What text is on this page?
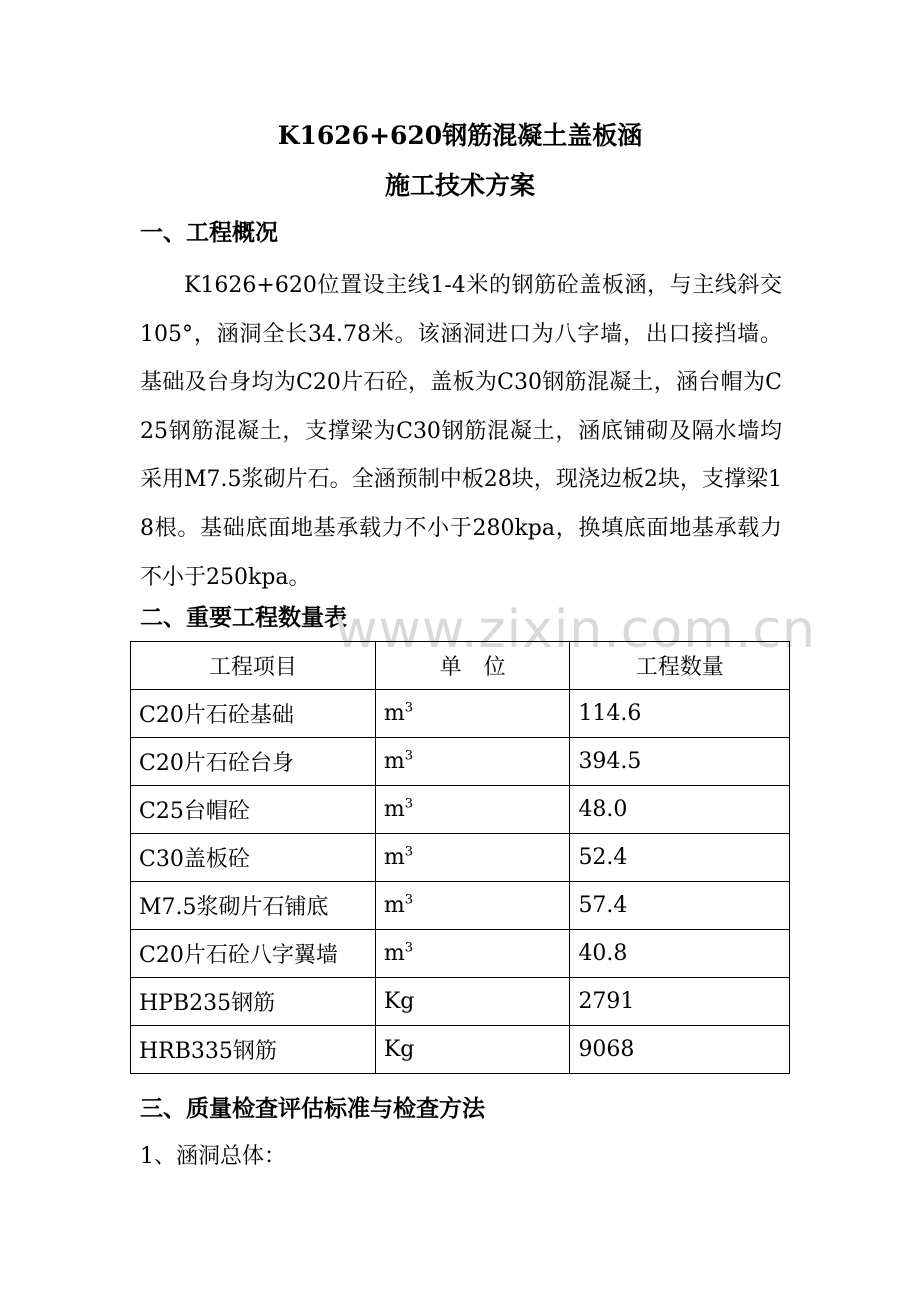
K1626+620钢筋混凝土盖板涵
施工技术方案
一、工程概况
K1626+620位置设主线1-4米的钢筋砼盖板涵，与主线斜交105°，涵洞全长34.78米。该涵洞进口为八字墙，出口接挡墙。基础及台身均为C20片石砼，盖板为C30钢筋混凝土，涵台帽为C25钢筋混凝土，支撑梁为C30钢筋混凝土，涵底铺砌及隔水墙均采用M7.5浆砌片石。全涵预制中板28块，现浇边板2块，支撑梁18根。基础底面地基承载力不小于280kpa，换填底面地基承载力不小于250kpa。
二、重要工程数量表
www.zixin.com.cn
工程项目	单　位	工程数量
C20片石砼基础	$m^3$	114.6
C20片石砼台身	$m^3$	394.5
C25台帽砼	$m^3$	48.0
C30盖板砼	$m^3$	52.4
M7.5浆砌片石铺底	$m^3$	57.4
C20片石砼八字翼墙	$m^3$	40.8
HPB235钢筋	Kg	2791
HRB335钢筋	Kg	9068
三、质量检查评估标准与检查方法
1、涵洞总体：
